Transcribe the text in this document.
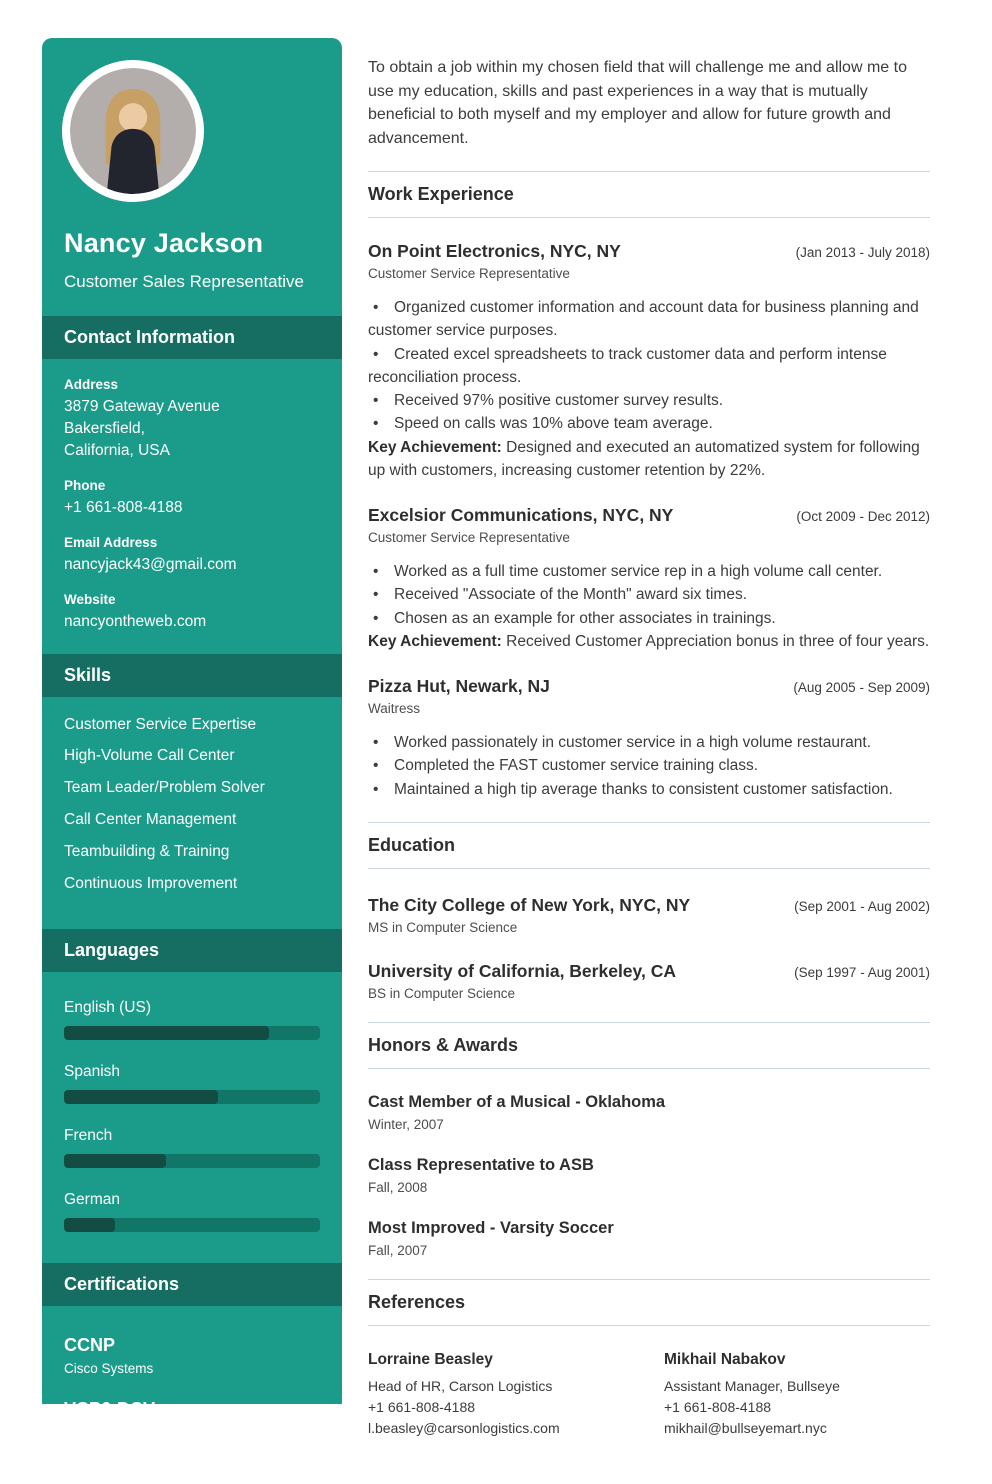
Nancy Jackson
Customer Sales Representative
Contact Information
Address
3879 Gateway Avenue
Bakersfield,
California, USA
Phone
+1 661-808-4188
Email Address
nancyjack43@gmail.com
Website
nancyontheweb.com
Skills
Customer Service Expertise
High-Volume Call Center
Team Leader/Problem Solver
Call Center Management
Teambuilding & Training
Continuous Improvement
Languages
English (US)
Spanish
French
German
Certifications
CCNP
Cisco Systems
VCP6-DCV
VMWare
DCUCI Exam

To obtain a job within my chosen field that will challenge me and allow me to use my education, skills and past experiences in a way that is mutually beneficial to both myself and my employer and allow for future growth and advancement.

Work Experience
On Point Electronics, NYC, NY	(Jan 2013 - July 2018)
Customer Service Representative
• Organized customer information and account data for business planning and customer service purposes.
• Created excel spreadsheets to track customer data and perform intense reconciliation process.
• Received 97% positive customer survey results.
• Speed on calls was 10% above team average.

Key Achievement: Designed and executed an automatized system for following up with customers, increasing customer retention by 22%.

Excelsior Communications, NYC, NY	(Oct 2009 - Dec 2012)
Customer Service Representative
• Worked as a full time customer service rep in a high volume call center.
• Received "Associate of the Month" award six times.
• Chosen as an example for other associates in trainings.

Key Achievement: Received Customer Appreciation bonus in three of four years.

Pizza Hut, Newark, NJ	(Aug 2005 - Sep 2009)
Waitress
• Worked passionately in customer service in a high volume restaurant.
• Completed the FAST customer service training class.
• Maintained a high tip average thanks to consistent customer satisfaction.
Education
The City College of New York, NYC, NY	(Sep 2001 - Aug 2002)
MS in Computer Science
University of California, Berkeley, CA	(Sep 1997 - Aug 2001)
BS in Computer Science
Honors & Awards
Cast Member of a Musical - Oklahoma
Winter, 2007
Class Representative to ASB
Fall, 2008
Most Improved - Varsity Soccer
Fall, 2007
References
Lorraine Beasley
Head of HR, Carson Logistics
+1 661-808-4188
l.beasley@carsonlogistics.com
Mikhail Nabakov
Assistant Manager, Bullseye
+1 661-808-4188
mikhail@bullseyemart.nyc
